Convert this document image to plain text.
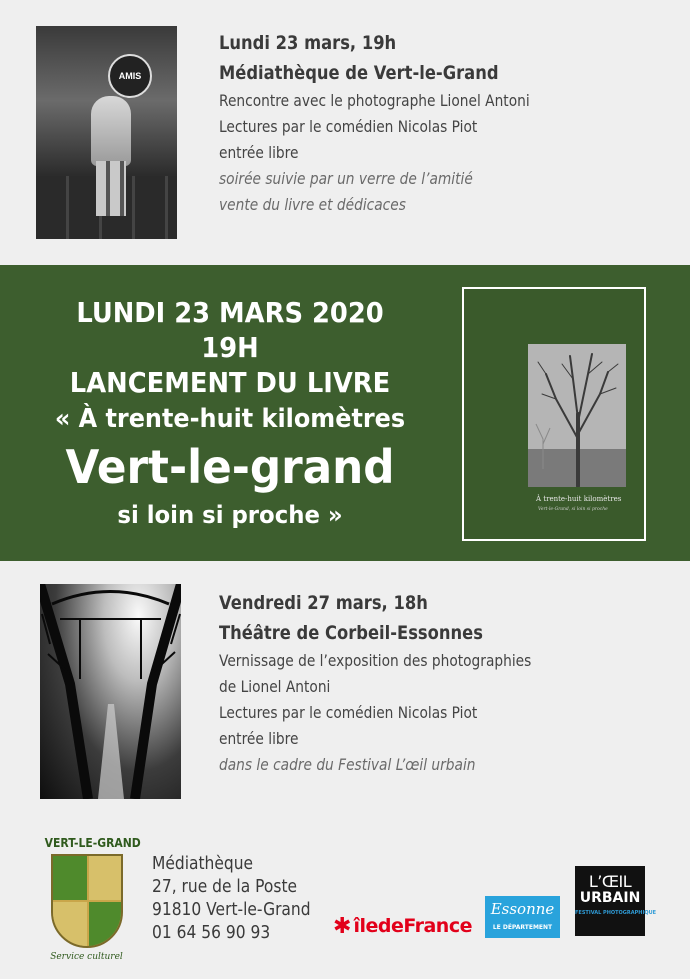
AMIS
Lundi 23 mars, 19h
Médiathèque de Vert-le-Grand
Rencontre avec le photographe Lionel Antoni
Lectures par le comédien Nicolas Piot
entrée libre
soirée suivie par un verre de l’amitié
vente du livre et dédicaces
LUNDI 23 MARS 2020
19H
LANCEMENT DU LIVRE
« À trente-huit kilomètres
Vert-le-grand
si loin si proche »
À trente-huit kilomètres
Vert-le-Grand, si loin si proche
Vendredi 27 mars, 18h
Théâtre de Corbeil-Essonnes
Vernissage de l’exposition des photographies
de Lionel Antoni
Lectures par le comédien Nicolas Piot
entrée libre
dans le cadre du Festival L’œil urbain
VERT-LE-GRAND
Service culturel
Médiathèque
27, rue de la Poste
91810 Vert-le-Grand
01 64 56 90 93	✱ îledeFrance
Essonne
LE DÉPARTEMENT
L’ŒIL
URBAIN
FESTIVAL PHOTOGRAPHIQUE
